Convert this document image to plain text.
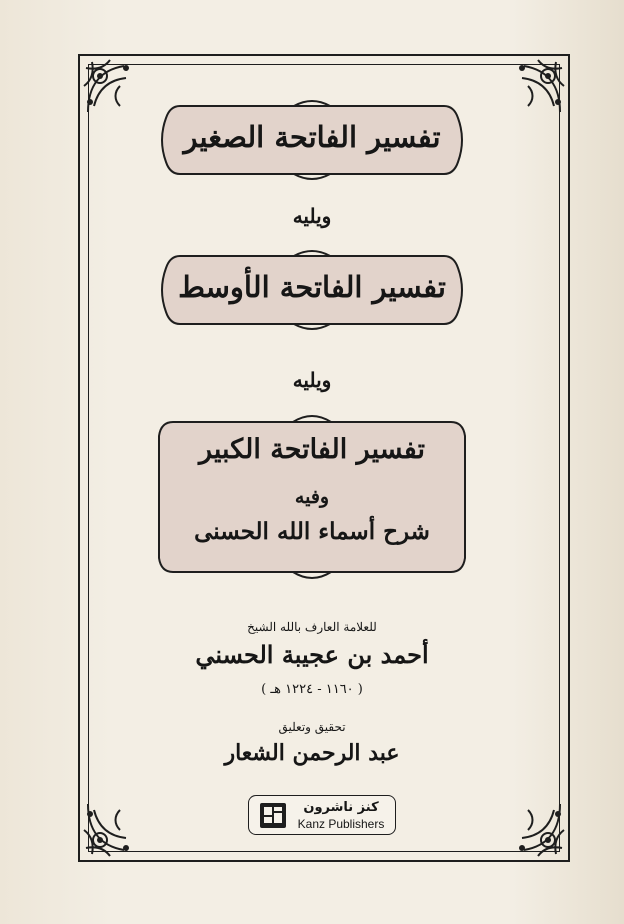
تفسير الفاتحة الصغير
ويليه
تفسير الفاتحة الأوسط
ويليه
تفسير الفاتحة الكبير
وفيه
شرح أسماء الله الحسنى
للعلامة العارف بالله الشيخ
أحمد بن عجيبة الحسني
( ١١٦٠ - ١٢٢٤ هـ )
تحقيق وتعليق
عبد الرحمن الشعار
كنز ناشرون
Kanz Publishers
